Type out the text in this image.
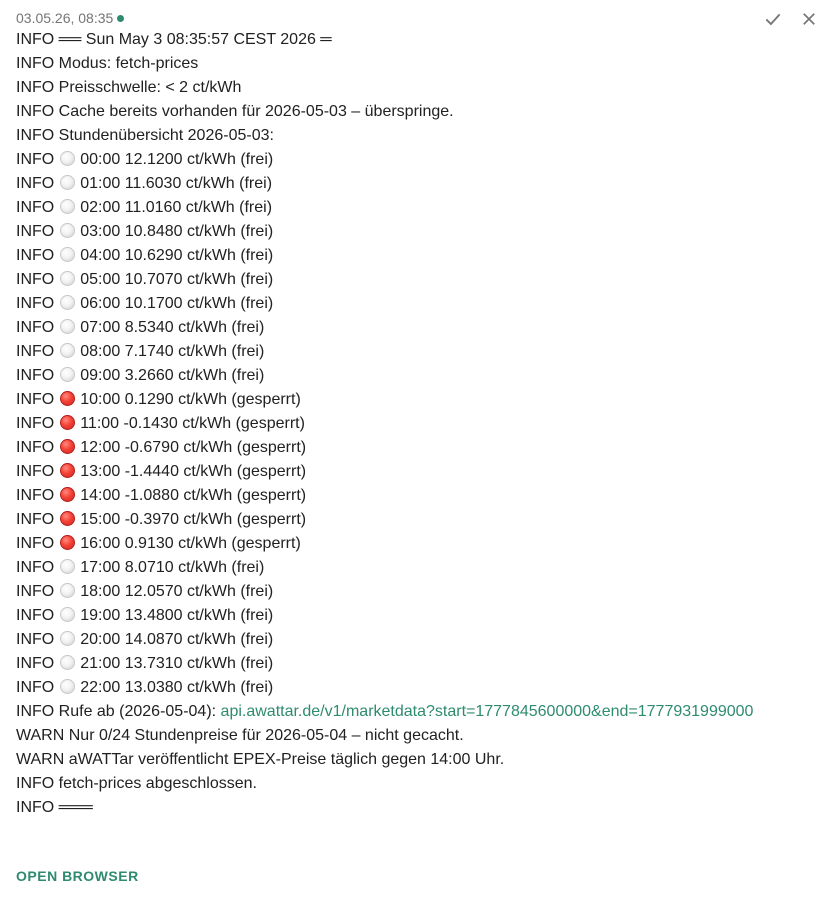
03.05.26, 08:35
INFO ══ Sun May 3 08:35:57 CEST 2026 ═
INFO Modus: fetch-prices
INFO Preisschwelle: < 2 ct/kWh
INFO Cache bereits vorhanden für 2026-05-03 – überspringe.
INFO Stundenübersicht 2026-05-03:
INFO 00:00 12.1200 ct/kWh (frei)
INFO 01:00 11.6030 ct/kWh (frei)
INFO 02:00 11.0160 ct/kWh (frei)
INFO 03:00 10.8480 ct/kWh (frei)
INFO 04:00 10.6290 ct/kWh (frei)
INFO 05:00 10.7070 ct/kWh (frei)
INFO 06:00 10.1700 ct/kWh (frei)
INFO 07:00 8.5340 ct/kWh (frei)
INFO 08:00 7.1740 ct/kWh (frei)
INFO 09:00 3.2660 ct/kWh (frei)
INFO 10:00 0.1290 ct/kWh (gesperrt)
INFO 11:00 -0.1430 ct/kWh (gesperrt)
INFO 12:00 -0.6790 ct/kWh (gesperrt)
INFO 13:00 -1.4440 ct/kWh (gesperrt)
INFO 14:00 -1.0880 ct/kWh (gesperrt)
INFO 15:00 -0.3970 ct/kWh (gesperrt)
INFO 16:00 0.9130 ct/kWh (gesperrt)
INFO 17:00 8.0710 ct/kWh (frei)
INFO 18:00 12.0570 ct/kWh (frei)
INFO 19:00 13.4800 ct/kWh (frei)
INFO 20:00 14.0870 ct/kWh (frei)
INFO 21:00 13.7310 ct/kWh (frei)
INFO 22:00 13.0380 ct/kWh (frei)
INFO Rufe ab (2026-05-04): api.awattar.de/v1/marketdata?start=1777845600000&end=1777931999000
WARN Nur 0/24 Stundenpreise für 2026-05-04 – nicht gecacht.
WARN aWATTar veröffentlicht EPEX-Preise täglich gegen 14:00 Uhr.
INFO fetch-prices abgeschlossen.
INFO ═══
OPEN BROWSER
